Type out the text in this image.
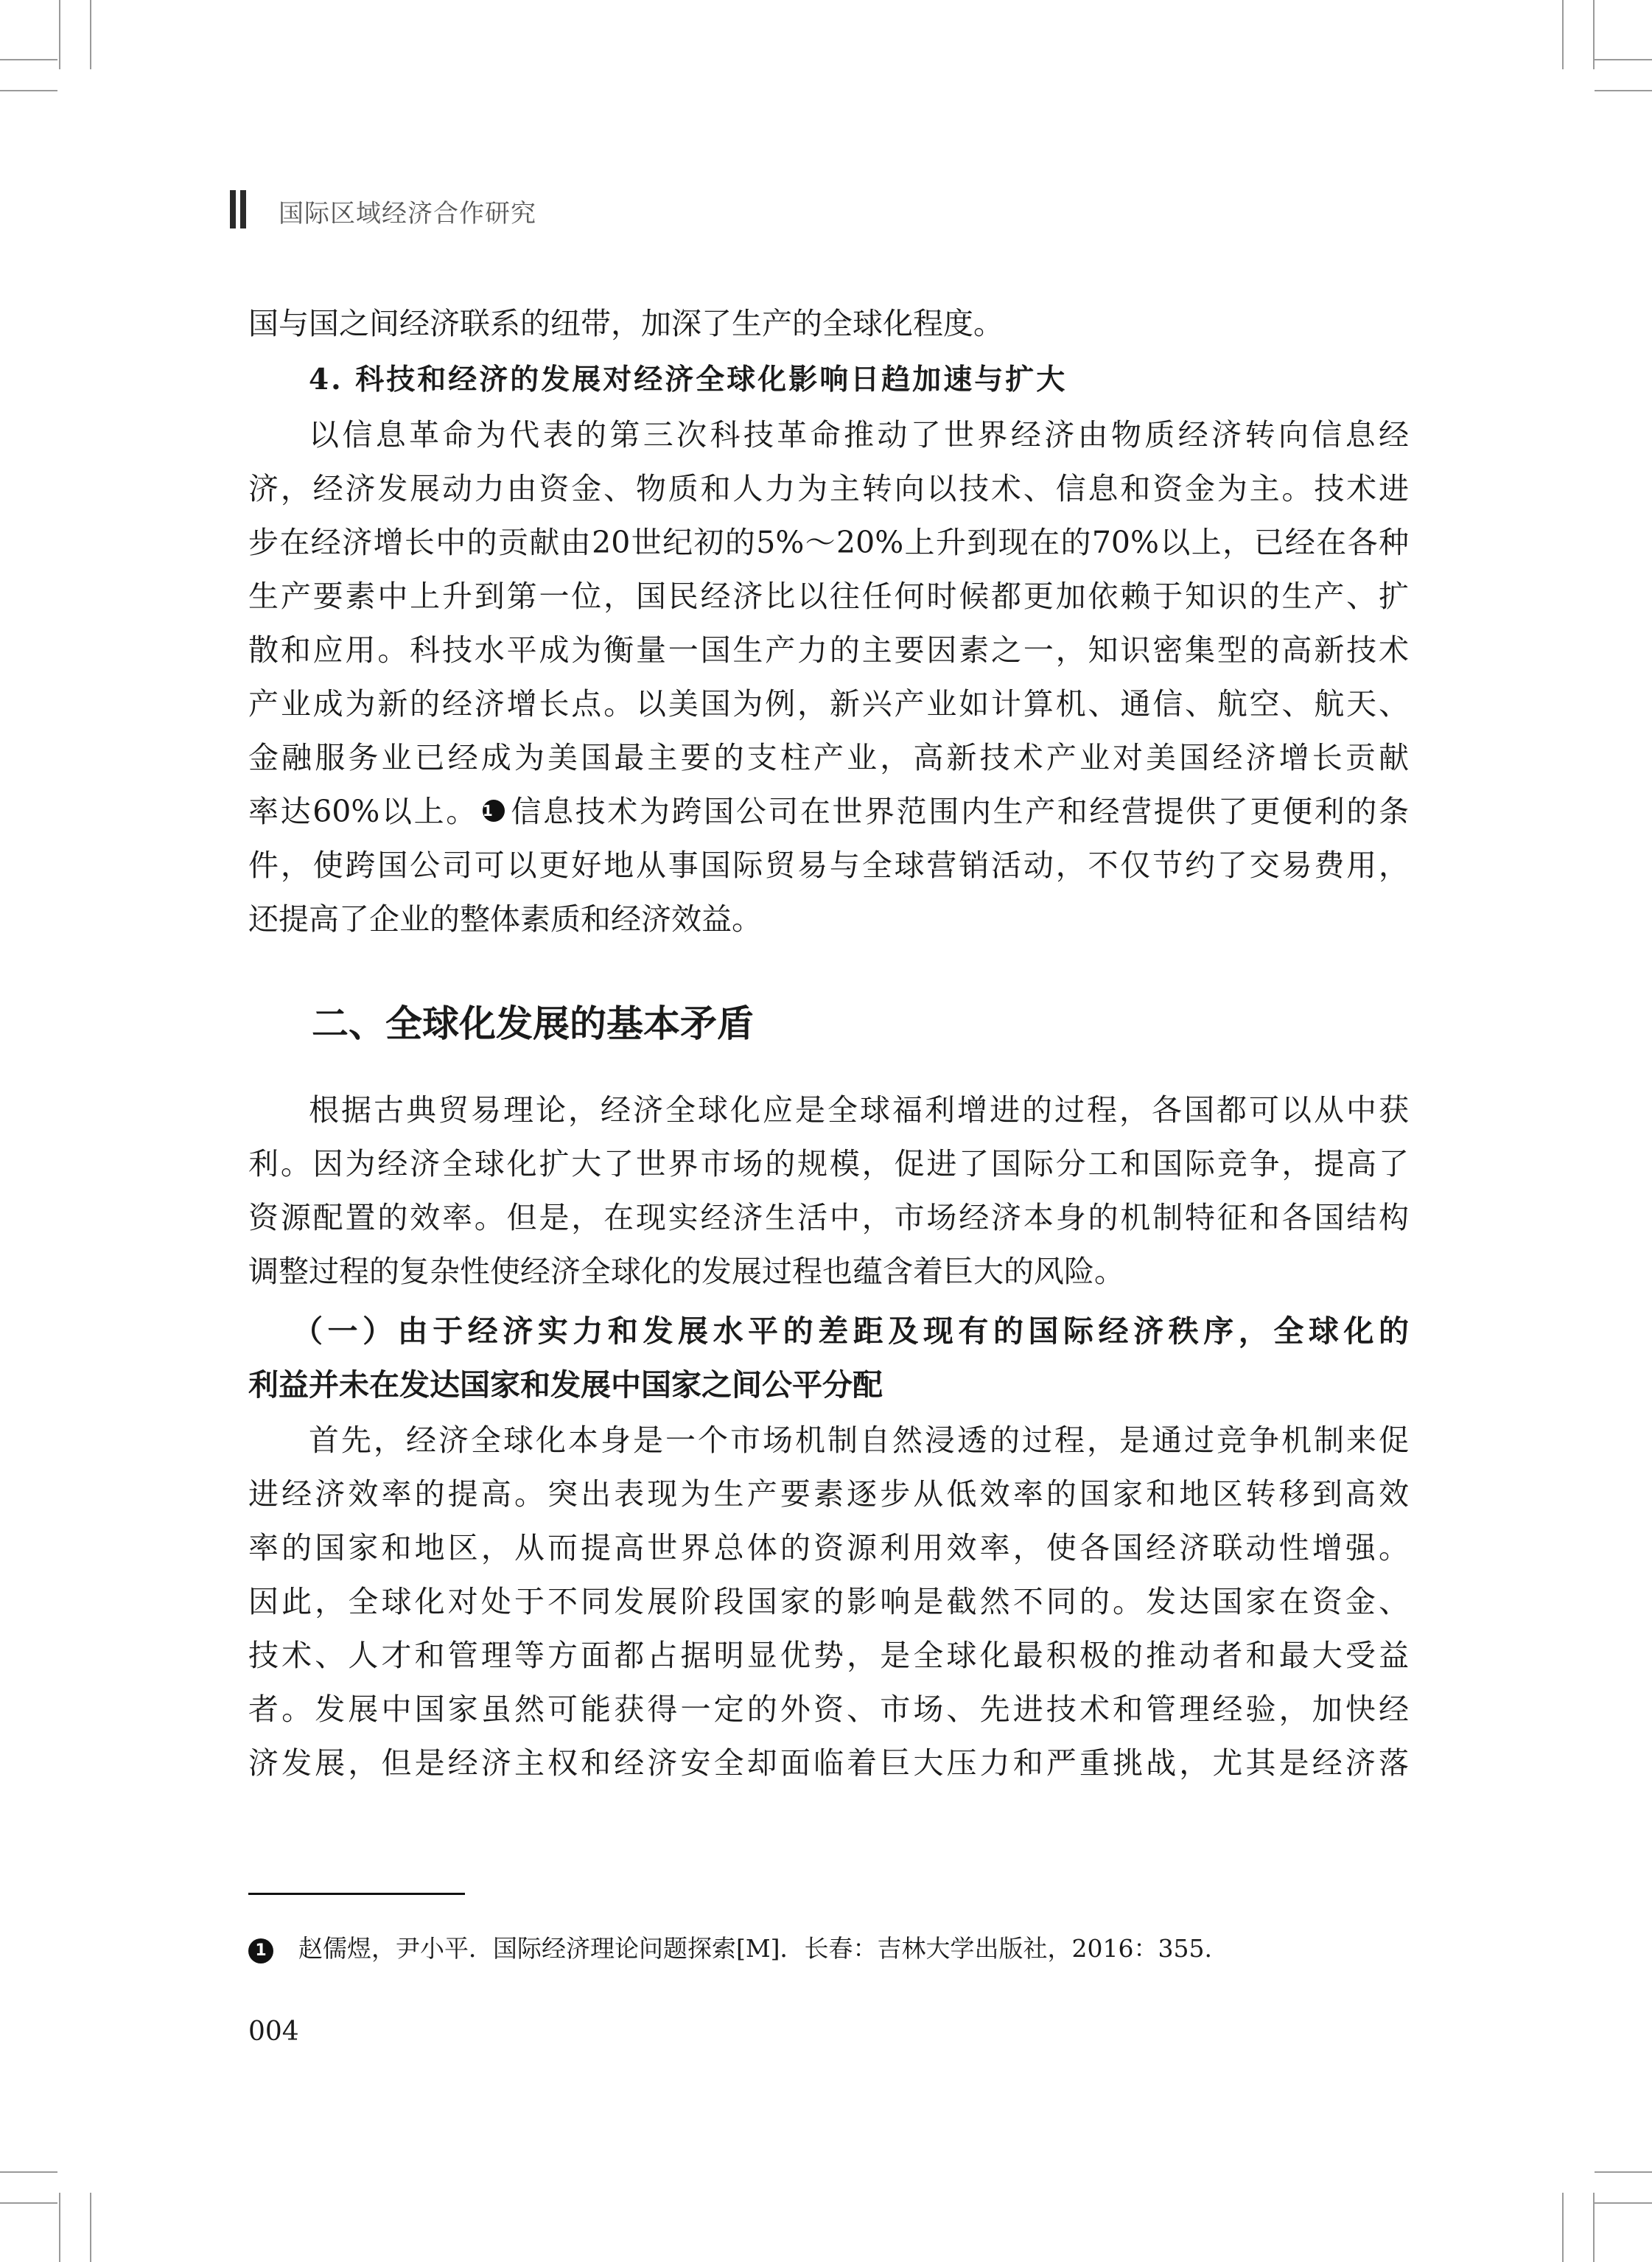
国际区域经济合作研究
国与国之间经济联系的纽带，加深了生产的全球化程度。
4. 科技和经济的发展对经济全球化影响日趋加速与扩大
以信息革命为代表的第三次科技革命推动了世界经济由物质经济转向信息经
济，经济发展动力由资金、物质和人力为主转向以技术、信息和资金为主。技术进
步在经济增长中的贡献由20世纪初的5%～20%上升到现在的70%以上，已经在各种
生产要素中上升到第一位，国民经济比以往任何时候都更加依赖于知识的生产、扩
散和应用。科技水平成为衡量一国生产力的主要因素之一，知识密集型的高新技术
产业成为新的经济增长点。以美国为例，新兴产业如计算机、通信、航空、航天、
金融服务业已经成为美国最主要的支柱产业，高新技术产业对美国经济增长贡献
率达60%以上。 1 信息技术为跨国公司在世界范围内生产和经营提供了更便利的条
件，使跨国公司可以更好地从事国际贸易与全球营销活动，不仅节约了交易费用，
还提高了企业的整体素质和经济效益。
二、全球化发展的基本矛盾
根据古典贸易理论，经济全球化应是全球福利增进的过程，各国都可以从中获
利。因为经济全球化扩大了世界市场的规模，促进了国际分工和国际竞争，提高了
资源配置的效率。但是，在现实经济生活中，市场经济本身的机制特征和各国结构
调整过程的复杂性使经济全球化的发展过程也蕴含着巨大的风险。
（一）由于经济实力和发展水平的差距及现有的国际经济秩序，全球化的
利益并未在发达国家和发展中国家之间公平分配
首先，经济全球化本身是一个市场机制自然浸透的过程，是通过竞争机制来促
进经济效率的提高。突出表现为生产要素逐步从低效率的国家和地区转移到高效
率的国家和地区，从而提高世界总体的资源利用效率，使各国经济联动性增强。
因此，全球化对处于不同发展阶段国家的影响是截然不同的。发达国家在资金、
技术、人才和管理等方面都占据明显优势，是全球化最积极的推动者和最大受益
者。发展中国家虽然可能获得一定的外资、市场、先进技术和管理经验，加快经
济发展，但是经济主权和经济安全却面临着巨大压力和严重挑战，尤其是经济落
1 赵儒煜，尹小平．国际经济理论问题探索[M]．长春：吉林大学出版社，2016：355.
004
